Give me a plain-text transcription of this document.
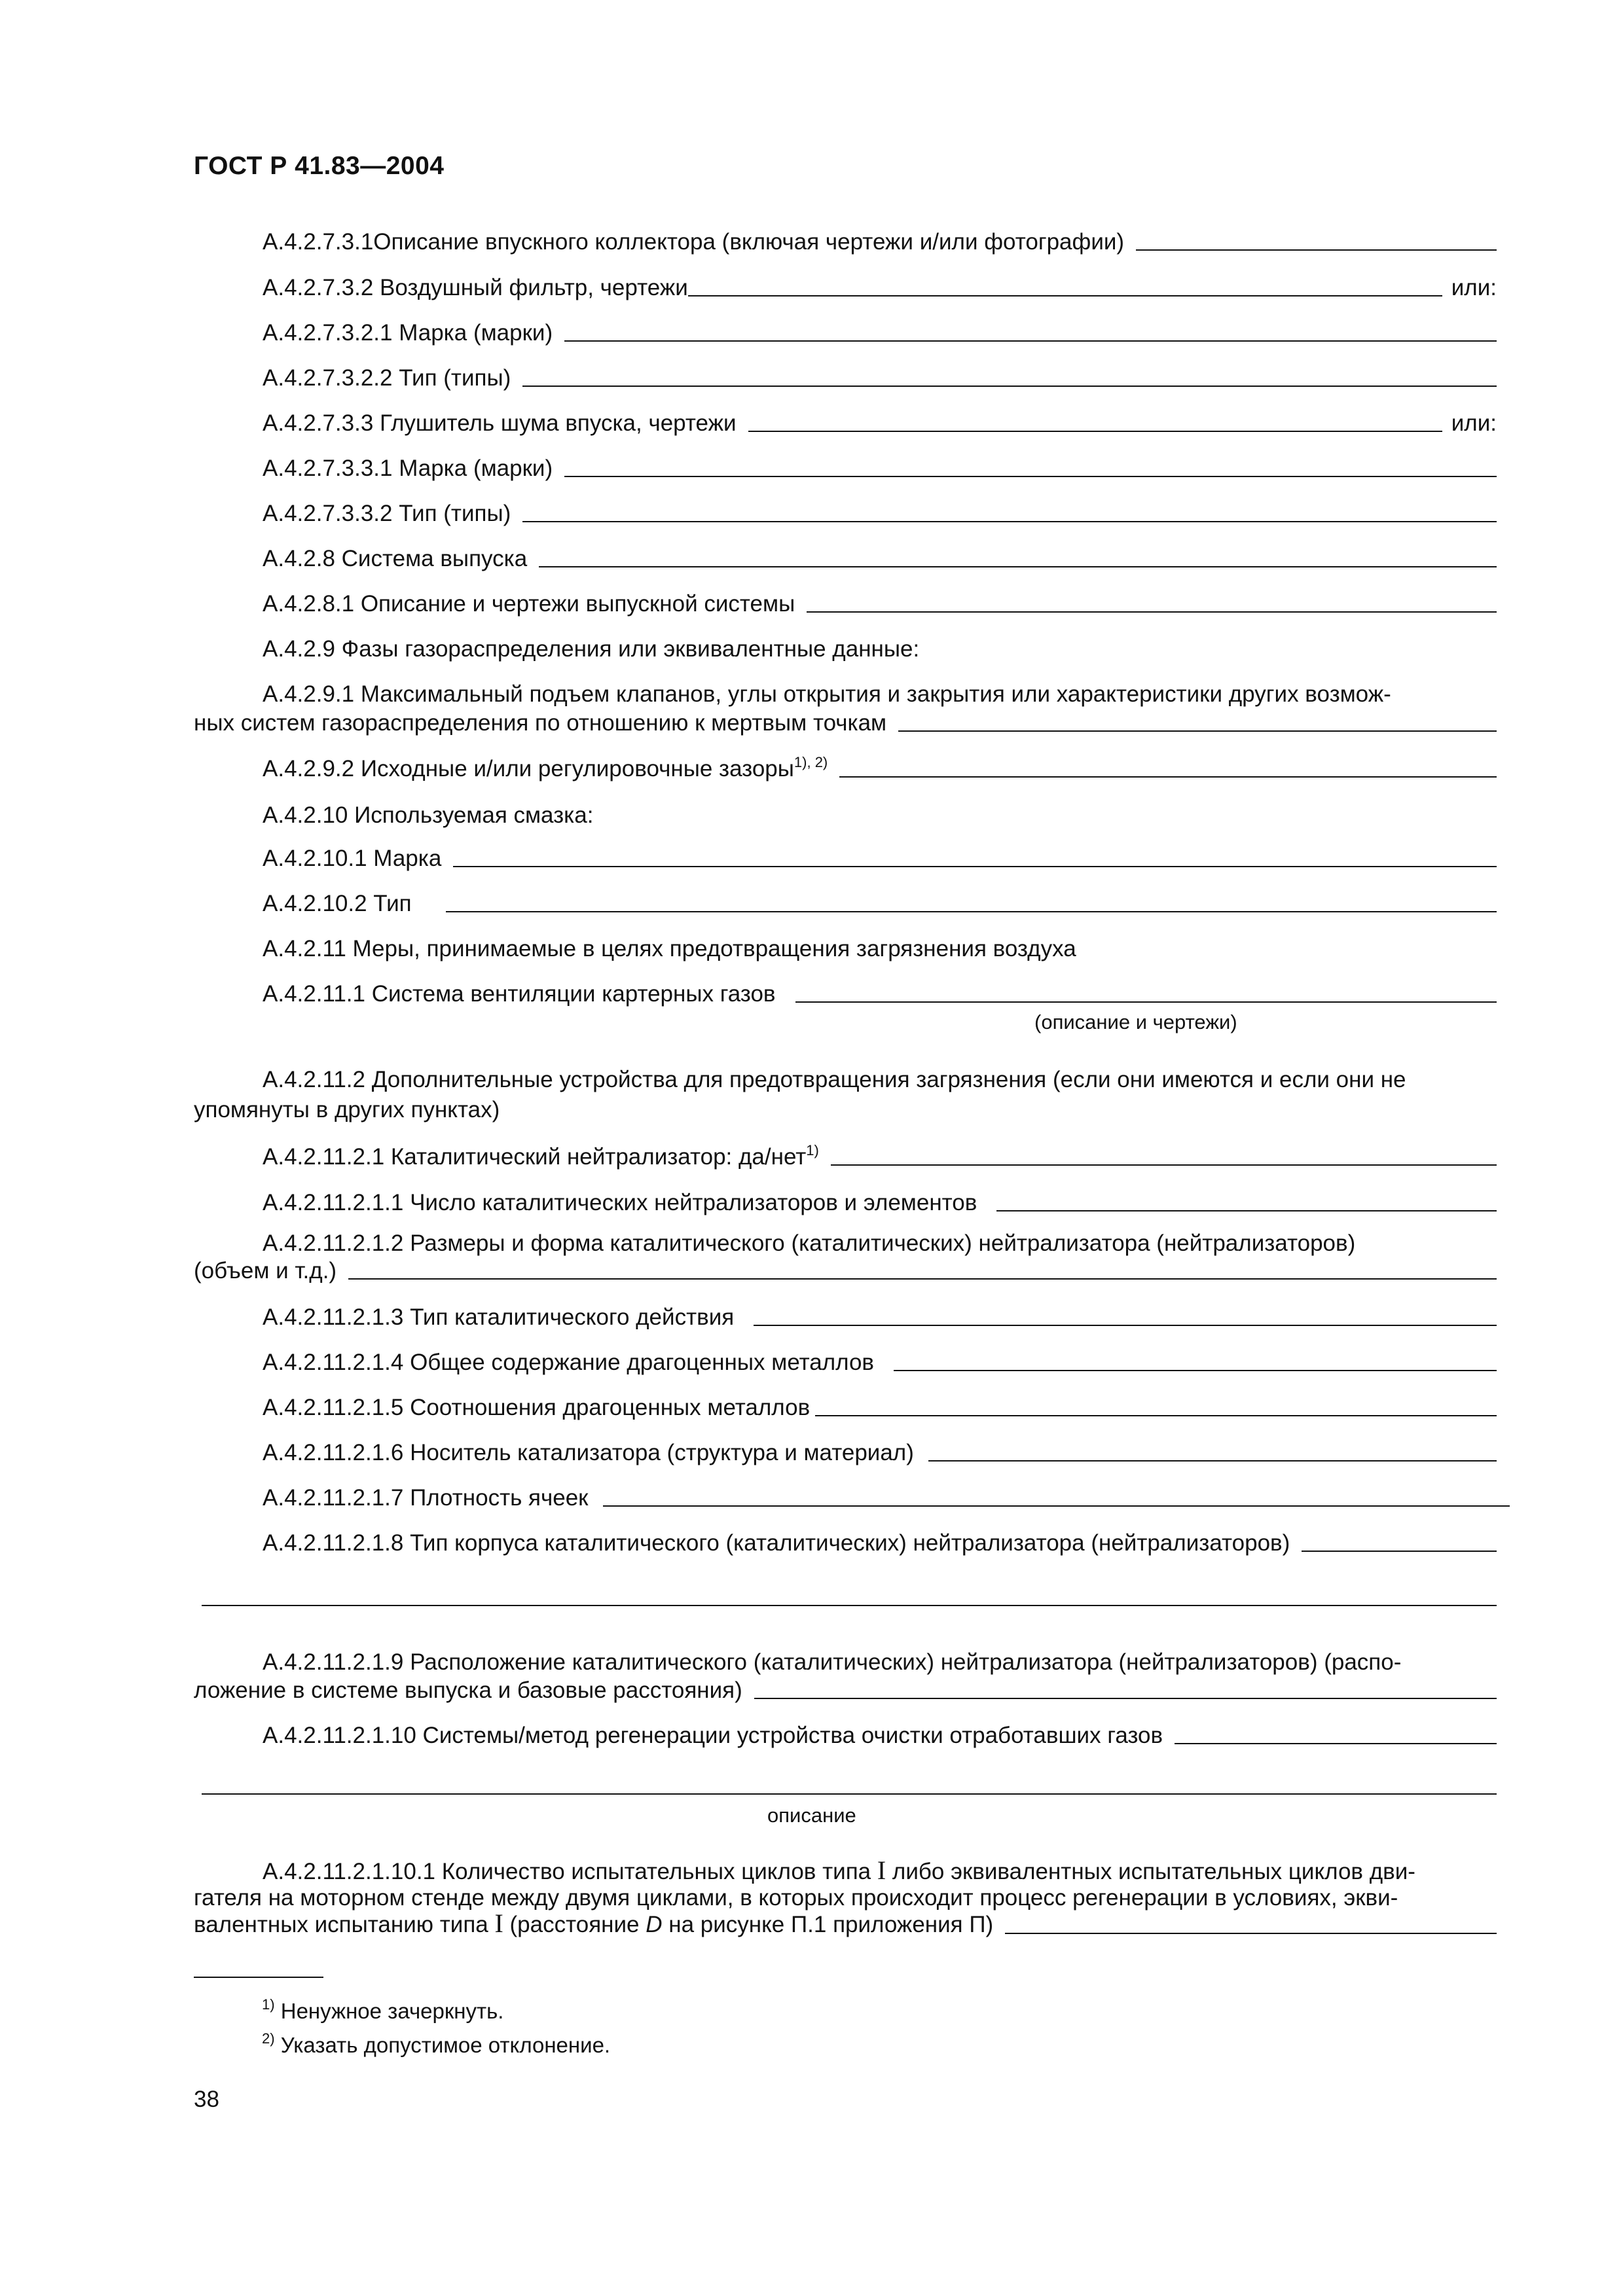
ГОСТ Р 41.83—2004
A.4.2.7.3.1Описание впускного коллектора (включая чертежи и/или фотографии)
A.4.2.7.3.2 Воздушный фильтр, чертежи	или:
A.4.2.7.3.2.1 Марка (марки)
A.4.2.7.3.2.2 Тип (типы)
A.4.2.7.3.3 Глушитель шума впуска, чертежи	или:
A.4.2.7.3.3.1 Марка (марки)
A.4.2.7.3.3.2 Тип (типы)
A.4.2.8 Система выпуска
A.4.2.8.1 Описание и чертежи выпускной системы
A.4.2.9 Фазы газораспределения или эквивалентные данные:
A.4.2.9.1 Максимальный подъем клапанов, углы открытия и закрытия или характеристики других возмож-
ных систем газораспределения по отношению к мертвым точкам
A.4.2.9.2 Исходные и/или регулировочные зазоры$^{1), 2)}$
A.4.2.10 Используемая смазка:
A.4.2.10.1 Марка
A.4.2.10.2 Тип
A.4.2.11 Меры, принимаемые в целях предотвращения загрязнения воздуха
A.4.2.11.1 Система вентиляции картерных газов
(описание и чертежи)
A.4.2.11.2 Дополнительные устройства для предотвращения загрязнения (если они имеются и если они не
упомянуты в других пунктах)
A.4.2.11.2.1 Каталитический нейтрализатор: да/нет$^{1)}$
A.4.2.11.2.1.1 Число каталитических нейтрализаторов и элементов
A.4.2.11.2.1.2 Размеры и форма каталитического (каталитических) нейтрализатора (нейтрализаторов)
(объем и т.д.)
A.4.2.11.2.1.3 Тип каталитического действия
A.4.2.11.2.1.4 Общее содержание драгоценных металлов
A.4.2.11.2.1.5 Соотношения драгоценных металлов
A.4.2.11.2.1.6 Носитель катализатора (структура и материал)
A.4.2.11.2.1.7 Плотность ячеек
A.4.2.11.2.1.8 Тип корпуса каталитического (каталитических) нейтрализатора (нейтрализаторов)
A.4.2.11.2.1.9 Расположение каталитического (каталитических) нейтрализатора (нейтрализаторов) (распо-
ложение в системе выпуска и базовые расстояния)
A.4.2.11.2.1.10 Системы/метод регенерации устройства очистки отработавших газов
описание
A.4.2.11.2.1.10.1 Количество испытательных циклов типа I либо эквивалентных испытательных циклов дви-
гателя на моторном стенде между двумя циклами, в которых происходит процесс регенерации в условиях, экви-
валентных испытанию типа I (расстояние D на рисунке П.1 приложения П)
$^{1)}$ Ненужное зачеркнуть.
$^{2)}$ Указать допустимое отклонение.
38
